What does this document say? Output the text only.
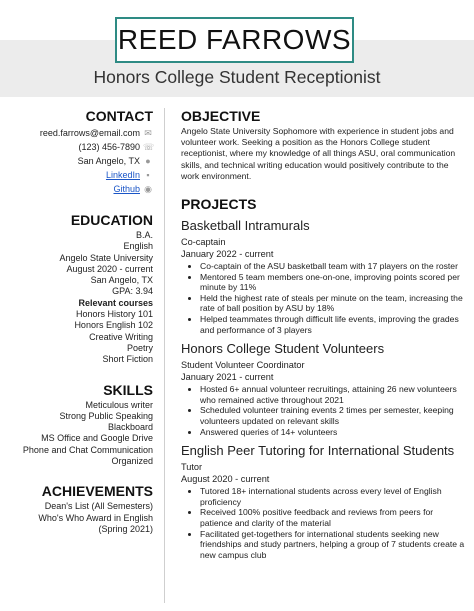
REED FARROWS
Honors College Student Receptionist
CONTACT
reed.farrows@email.com ✉
(123) 456-7890 ☏
San Angelo, TX ●
LinkedIn ▪
Github ◉
EDUCATION
B.A.
English
Angelo State University
August 2020 - current
San Angelo, TX
GPA: 3.94
Relevant courses
Honors History 101
Honors English 102
Creative Writing
Poetry
Short Fiction
SKILLS
Meticulous writer
Strong Public Speaking
Blackboard
MS Office and Google Drive
Phone and Chat Communication
Organized
ACHIEVEMENTS
Dean's List (All Semesters)
Who's Who Award in English
(Spring 2021)
OBJECTIVE
Angelo State University Sophomore with experience in student jobs and volunteer work. Seeking a position as the Honors College student receptionist, where my knowledge of all things ASU, oral communication skills, and technical writing education would positively contribute to the work environment.
PROJECTS
Basketball Intramurals
Co-captain
January 2022 - current
• Co-captain of the ASU basketball team with 17 players on the roster
• Mentored 5 team members one-on-one, improving points scored per minute by 11%
• Held the highest rate of steals per minute on the team, increasing the rate of ball position by ASU by 18%
• Helped teammates through difficult life events, improving the grades and performance of 3 players
Honors College Student Volunteers
Student Volunteer Coordinator
January 2021 - current
• Hosted 6+ annual volunteer recruitings, attaining 26 new volunteers who remained active throughout 2021
• Scheduled volunteer training events 2 times per semester, keeping volunteers updated on relevant skills
• Answered queries of 14+ volunteers
English Peer Tutoring for International Students
Tutor
August 2020 - current
• Tutored 18+ international students across every level of English proficiency
• Received 100% positive feedback and reviews from peers for patience and clarity of the material
• Facilitated get-togethers for international students seeking new friendships and study partners, helping a group of 7 students create a new campus club
